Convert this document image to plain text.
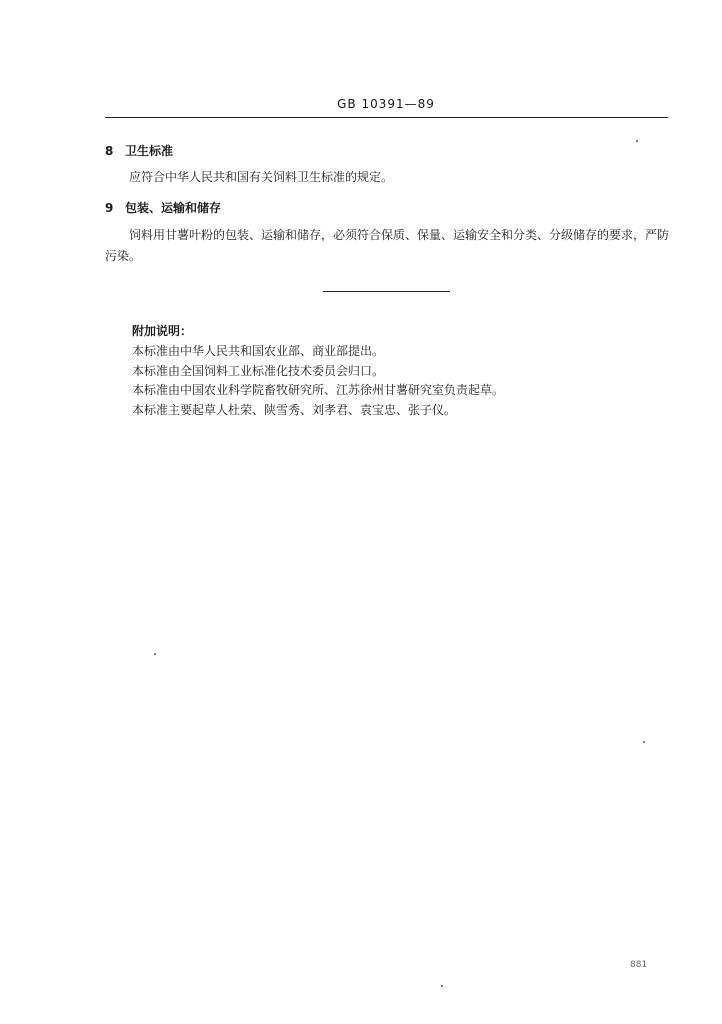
GB 10391—89
8 卫生标准
应符合中华人民共和国有关饲料卫生标准的规定。
9 包装、运输和储存
饲料用甘薯叶粉的包装、运输和储存，必须符合保质、保量、运输安全和分类、分级储存的要求，严防污染。
附加说明：
本标准由中华人民共和国农业部、商业部提出。
本标准由全国饲料工业标准化技术委员会归口。
本标准由中国农业科学院畜牧研究所、江苏徐州甘薯研究室负责起草。
本标准主要起草人杜荣、陕雪秀、刘孝君、袁宝忠、张子仪。
881
